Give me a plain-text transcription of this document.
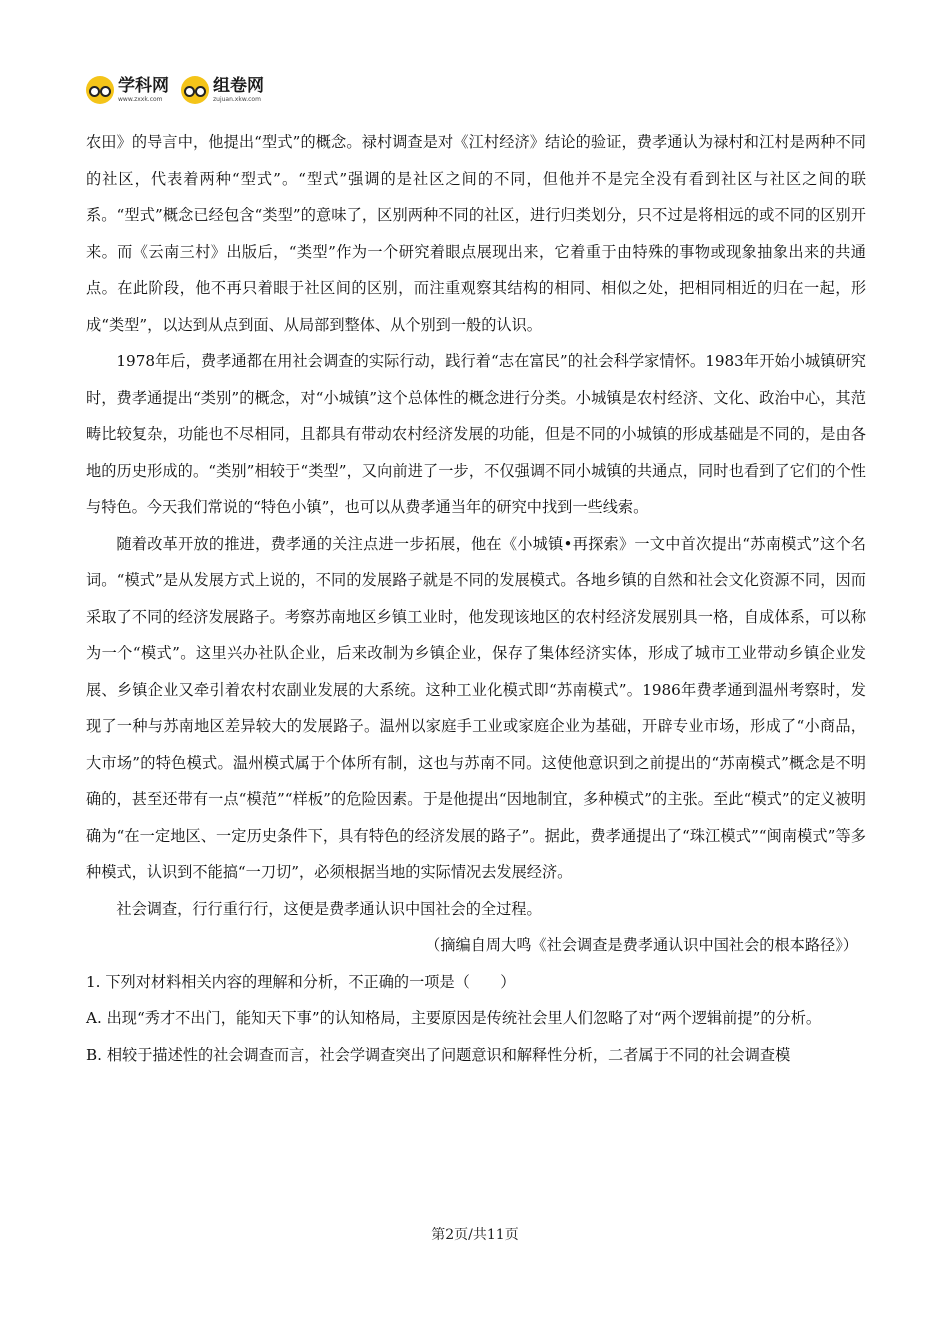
学科网
www.zxxk.com
组卷网
zujuan.xkw.com

农田》的导言中，他提出“型式”的概念。禄村调查是对《江村经济》结论的验证，费孝通认为禄村和江村是两种不同的社区，代表着两种“型式”。“型式”强调的是社区之间的不同，但他并不是完全没有看到社区与社区之间的联系。“型式”概念已经包含“类型”的意味了，区别两种不同的社区，进行归类划分，只不过是将相远的或不同的区别开来。而《云南三村》出版后，“类型”作为一个研究着眼点展现出来，它着重于由特殊的事物或现象抽象出来的共通点。在此阶段，他不再只着眼于社区间的区别，而注重观察其结构的相同、相似之处，把相同相近的归在一起，形成“类型”，以达到从点到面、从局部到整体、从个别到一般的认识。

1978年后，费孝通都在用社会调查的实际行动，践行着“志在富民”的社会科学家情怀。1983年开始小城镇研究时，费孝通提出“类别”的概念，对“小城镇”这个总体性的概念进行分类。小城镇是农村经济、文化、政治中心，其范畴比较复杂，功能也不尽相同，且都具有带动农村经济发展的功能，但是不同的小城镇的形成基础是不同的，是由各地的历史形成的。“类别”相较于“类型”，又向前进了一步，不仅强调不同小城镇的共通点，同时也看到了它们的个性与特色。今天我们常说的“特色小镇”，也可以从费孝通当年的研究中找到一些线索。

随着改革开放的推进，费孝通的关注点进一步拓展，他在《小城镇•再探索》一文中首次提出“苏南模式”这个名词。“模式”是从发展方式上说的，不同的发展路子就是不同的发展模式。各地乡镇的自然和社会文化资源不同，因而采取了不同的经济发展路子。考察苏南地区乡镇工业时，他发现该地区的农村经济发展别具一格，自成体系，可以称为一个“模式”。这里兴办社队企业，后来改制为乡镇企业，保存了集体经济实体，形成了城市工业带动乡镇企业发展、乡镇企业又牵引着农村农副业发展的大系统。这种工业化模式即“苏南模式”。1986年费孝通到温州考察时，发现了一种与苏南地区差异较大的发展路子。温州以家庭手工业或家庭企业为基础，开辟专业市场，形成了“小商品，大市场”的特色模式。温州模式属于个体所有制，这也与苏南不同。这使他意识到之前提出的“苏南模式”概念是不明确的，甚至还带有一点“模范”“样板”的危险因素。于是他提出“因地制宜，多种模式”的主张。至此“模式”的定义被明确为“在一定地区、一定历史条件下，具有特色的经济发展的路子”。据此，费孝通提出了“珠江模式”“闽南模式”等多种模式，认识到不能搞“一刀切”，必须根据当地的实际情况去发展经济。

社会调查，行行重行行，这便是费孝通认识中国社会的全过程。

（摘编自周大鸣《社会调查是费孝通认识中国社会的根本路径》）

1. 下列对材料相关内容的理解和分析，不正确的一项是（　　）

A. 出现“秀才不出门，能知天下事”的认知格局，主要原因是传统社会里人们忽略了对“两个逻辑前提”的分析。

B. 相较于描述性的社会调查而言，社会学调查突出了问题意识和解释性分析，二者属于不同的社会调查模

第2页/共11页
